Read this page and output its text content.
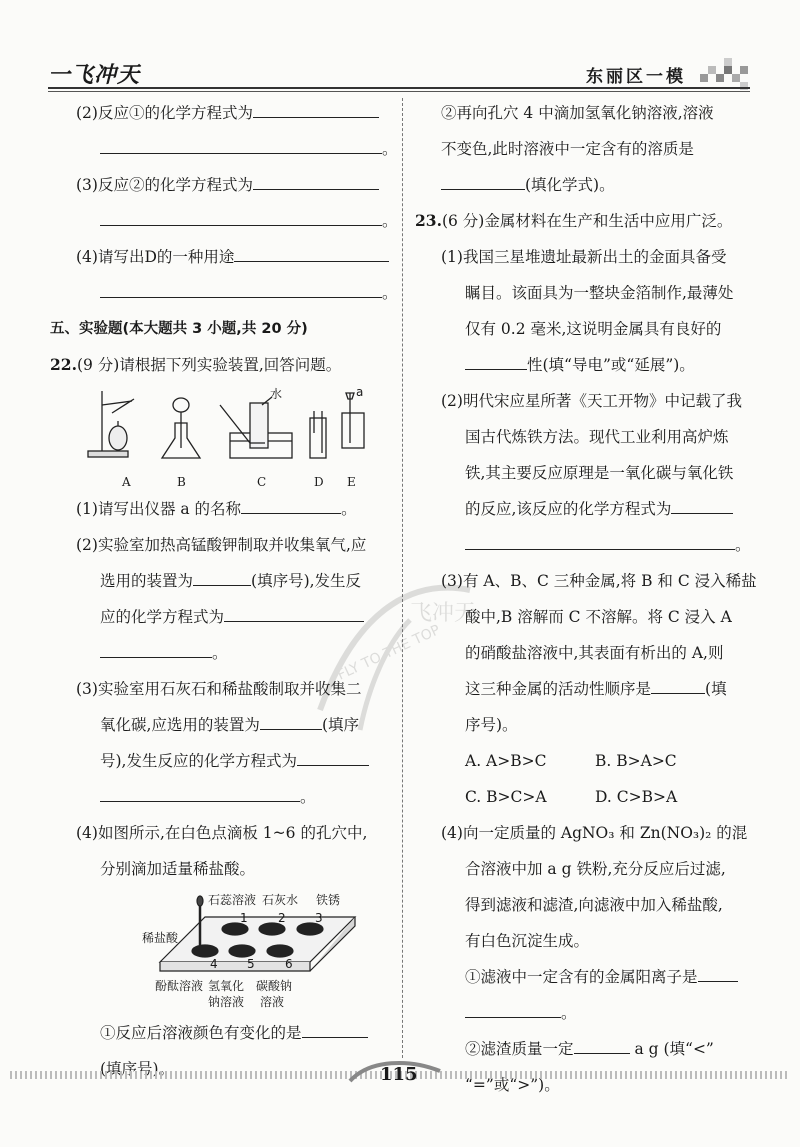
一飞冲天	东丽区一模
飞冲天
FLY TO THE TOP
(2)反应①的化学方程式为
。
(3)反应②的化学方程式为
。
(4)请写出D的一种用途
。
五、实验题(本大题共 3 小题,共 20 分)
22.(9 分)请根据下列实验装置,回答问题。
水	a
A	B	C	D E
(1)请写出仪器 a 的名称	。
(2)实验室加热高锰酸钾制取并收集氧气,应
选用的装置为	(填序号),发生反
应的化学方程式为
。
(3)实验室用石灰石和稀盐酸制取并收集二
氧化碳,应选用的装置为	(填序
号),发生反应的化学方程式为
。
(4)如图所示,在白色点滴板 1~6 的孔穴中,
分别滴加适量稀盐酸。
石蕊溶液 石灰水 铁锈
稀盐酸
1	2 3
4 5	6
酚酞溶液 氢氧化
钠溶液
碳酸钠
溶液
①反应后溶液颜色有变化的是
(填序号)。
②再向孔穴 4 中滴加氢氧化钠溶液,溶液
不变色,此时溶液中一定含有的溶质是
(填化学式)。
23.(6 分)金属材料在生产和生活中应用广泛。
(1)我国三星堆遗址最新出土的金面具备受
瞩目。该面具为一整块金箔制作,最薄处
仅有 0.2 毫米,这说明金属具有良好的
性(填“导电”或“延展”)。
(2)明代宋应星所著《天工开物》中记载了我
国古代炼铁方法。现代工业利用高炉炼
铁,其主要反应原理是一氧化碳与氧化铁
的反应,该反应的化学方程式为
。
(3)有 A、B、C 三种金属,将 B 和 C 浸入稀盐
酸中,B 溶解而 C 不溶解。将 C 浸入 A
的硝酸盐溶液中,其表面有析出的 A,则
这三种金属的活动性顺序是	(填
序号)。
A. A>B>C	B. B>A>C
C. B>C>A	D. C>B>A
(4)向一定质量的 AgNO₃ 和 Zn(NO₃)₂ 的混
合溶液中加 a g 铁粉,充分反应后过滤,
得到滤液和滤渣,向滤液中加入稀盐酸,
有白色沉淀生成。
①滤液中一定含有的金属阳离子是
。
②滤渣质量一定	a g (填“<”
“=”或“>”)。
115
